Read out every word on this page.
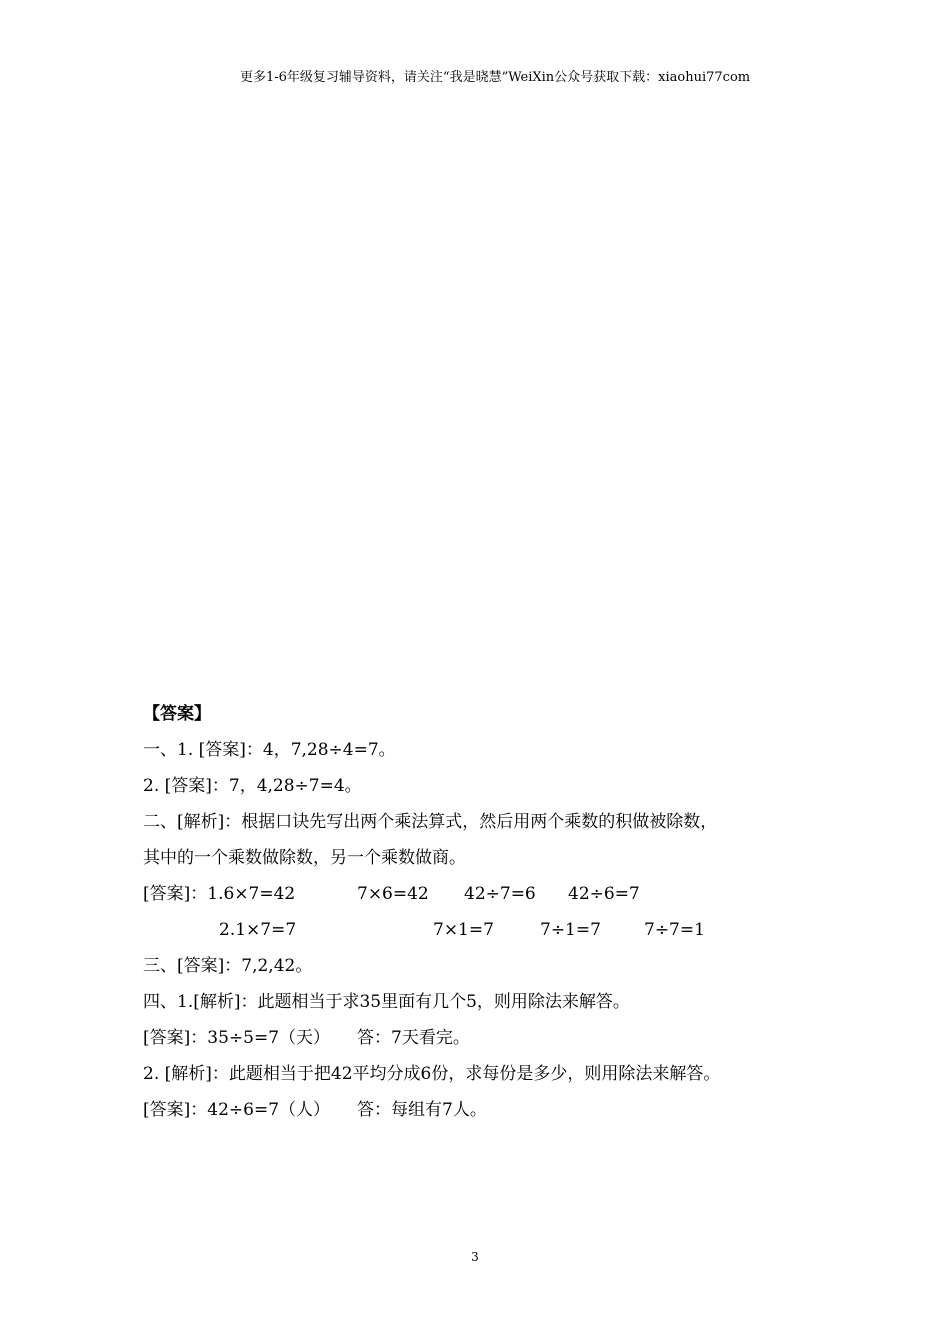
更多1-6年级复习辅导资料，请关注“我是晓慧”WeiXin公众号获取下载：xiaohui77com
【答案】
一、1. [答案]：4，7,28÷4=7。
2. [答案]：7，4,28÷7=4。
二、[解析]：根据口诀先写出两个乘法算式，然后用两个乘数的积做被除数，
其中的一个乘数做除数，另一个乘数做商。
[答案]：1.6×7=42	7×6=42	42÷7=6	42÷6=7
2.1×7=7	7×1=7	7÷1=7	7÷7=1
三、[答案]：7,2,42。
四、1.[解析]：此题相当于求35里面有几个5，则用除法来解答。
[答案]：35÷5=7（天）     答：7天看完。
2. [解析]：此题相当于把42平均分成6份，求每份是多少，则用除法来解答。
[答案]：42÷6=7（人）     答：每组有7人。
3
